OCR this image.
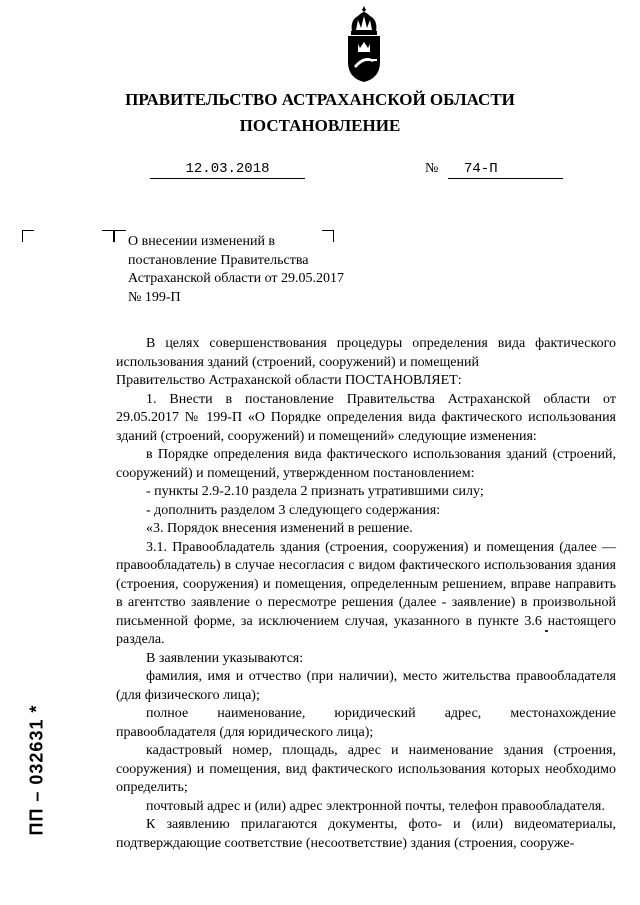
ПРАВИТЕЛЬСТВО АСТРАХАНСКОЙ ОБЛАСТИ
ПОСТАНОВЛЕНИЕ
12.03.2018	№	74-П
О внесении изменений в постановление Правительства Астраханской области от 29.05.2017 № 199-П

В целях совершенствования процедуры определения вида фактического использования зданий (строений, сооружений) и помещений

Правительство Астраханской области ПОСТАНОВЛЯЕТ:

1. Внести в постановление Правительства Астраханской области от 29.05.2017 № 199-П «О Порядке определения вида фактического использования зданий (строений, сооружений) и помещений» следующие изменения:

в Порядке определения вида фактического использования зданий (строений, сооружений) и помещений, утвержденном постановлением:

- пункты 2.9-2.10 раздела 2 признать утратившими силу;

- дополнить разделом 3 следующего содержания:

«3. Порядок внесения изменений в решение.

3.1. Правообладатель здания (строения, сооружения) и помещения (далее — правообладатель) в случае несогласия с видом фактического использования здания (строения, сооружения) и помещения, определенным решением, вправе направить в агентство заявление о пересмотре решения (далее - заявление) в произвольной письменной форме, за исключением случая, указанного в пункте 3.6 настоящего раздела.

В заявлении указываются:

фамилия, имя и отчество (при наличии), место жительства правообладателя (для физического лица);

полное наименование, юридический адрес, местонахождение правообладателя (для юридического лица);

кадастровый номер, площадь, адрес и наименование здания (строения, сооружения) и помещения, вид фактического использования которых необходимо определить;

почтовый адрес и (или) адрес электронной почты, телефон правообладателя.

К заявлению прилагаются документы, фото- и (или) видеоматериалы, подтверждающие соответствие (несоответствие) здания (строения, сооруже-

ПП – 032631 *
